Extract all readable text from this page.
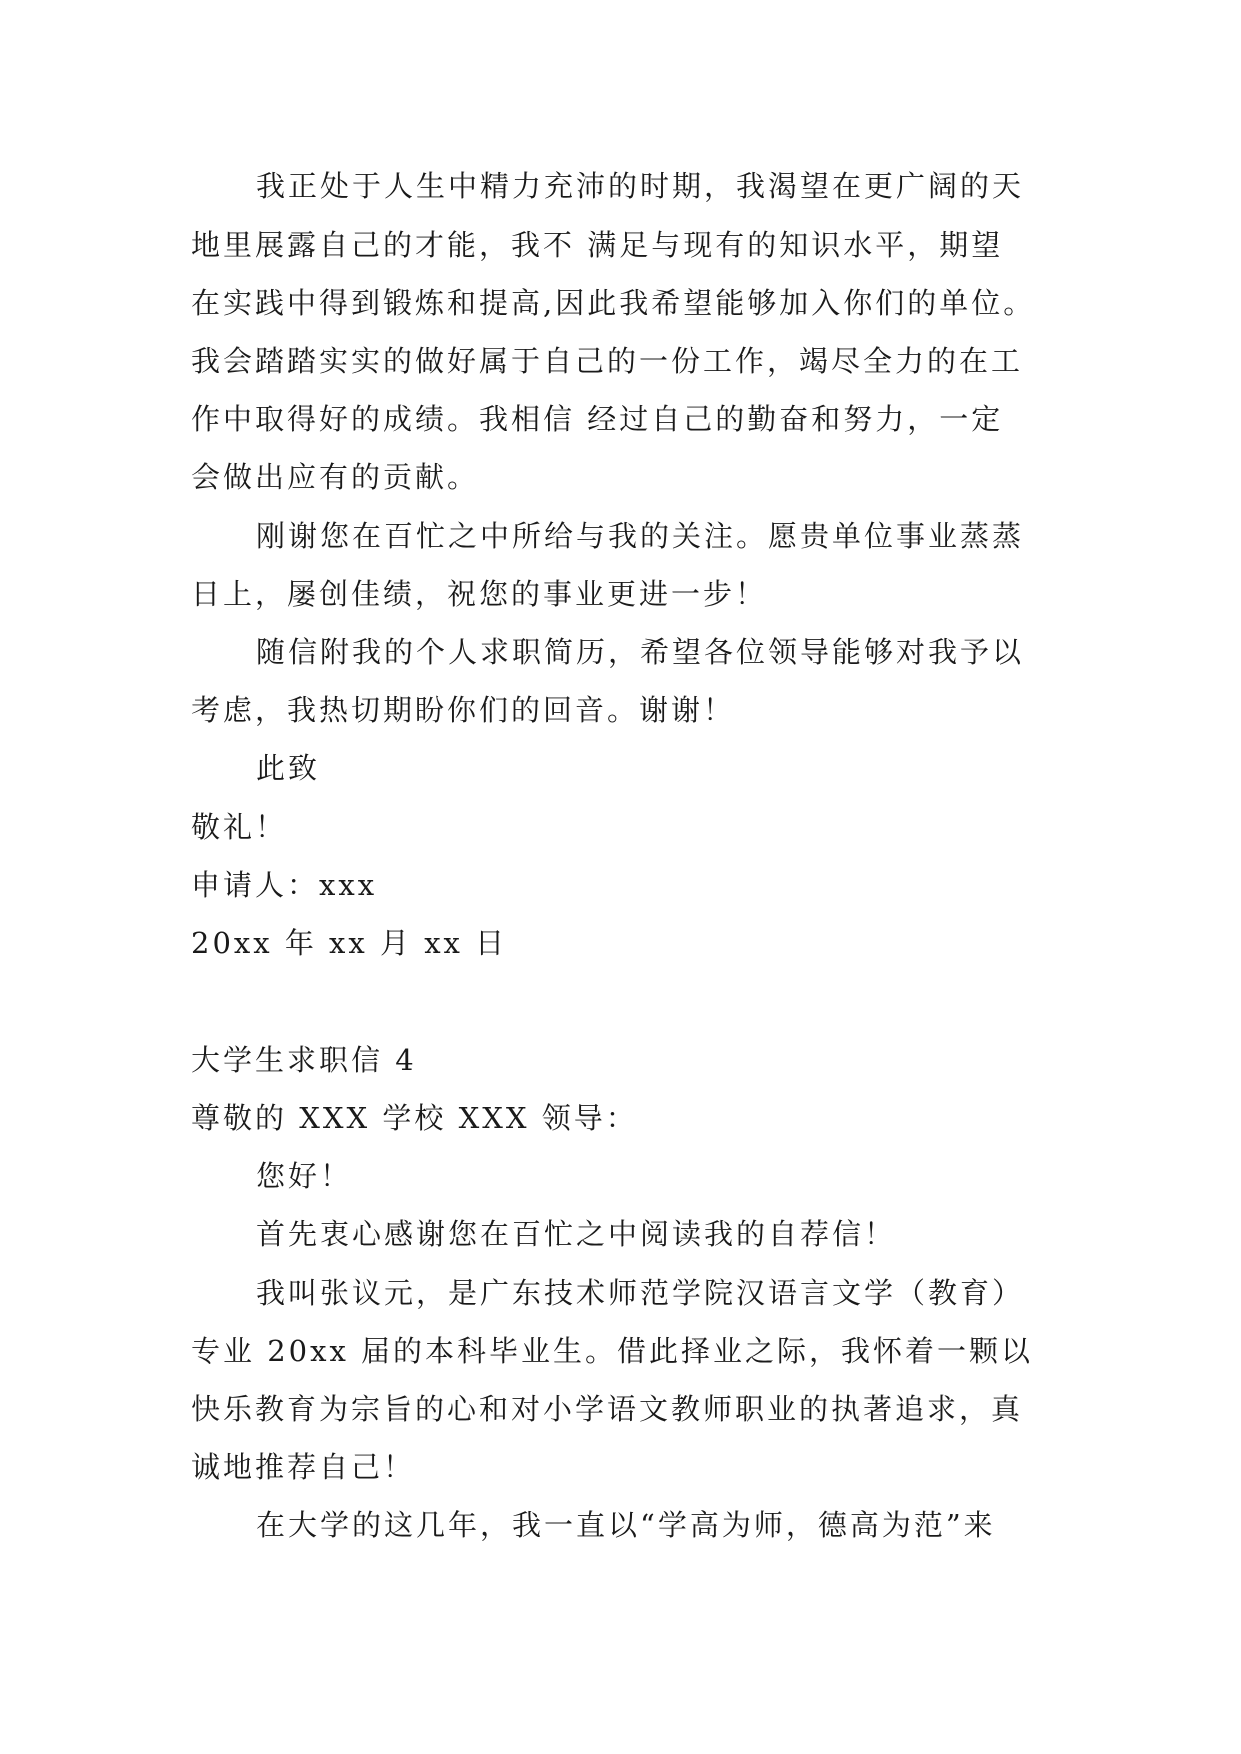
我正处于人生中精力充沛的时期，我渴望在更广阔的天
地里展露自己的才能，我不 满足与现有的知识水平，期望
在实践中得到锻炼和提高,因此我希望能够加入你们的单位。
我会踏踏实实的做好属于自己的一份工作，竭尽全力的在工
作中取得好的成绩。我相信 经过自己的勤奋和努力，一定
会做出应有的贡献。
刚谢您在百忙之中所给与我的关注。愿贵单位事业蒸蒸
日上，屡创佳绩，祝您的事业更进一步！
随信附我的个人求职简历，希望各位领导能够对我予以
考虑，我热切期盼你们的回音。谢谢！
此致
敬礼！
申请人：xxx
20xx 年 xx 月 xx 日
大学生求职信 4
尊敬的 XXX 学校 XXX 领导：
您好！
首先衷心感谢您在百忙之中阅读我的自荐信！
我叫张议元，是广东技术师范学院汉语言文学（教育）
专业 20xx 届的本科毕业生。借此择业之际，我怀着一颗以
快乐教育为宗旨的心和对小学语文教师职业的执著追求，真
诚地推荐自己！
在大学的这几年，我一直以“学高为师，德高为范”来
